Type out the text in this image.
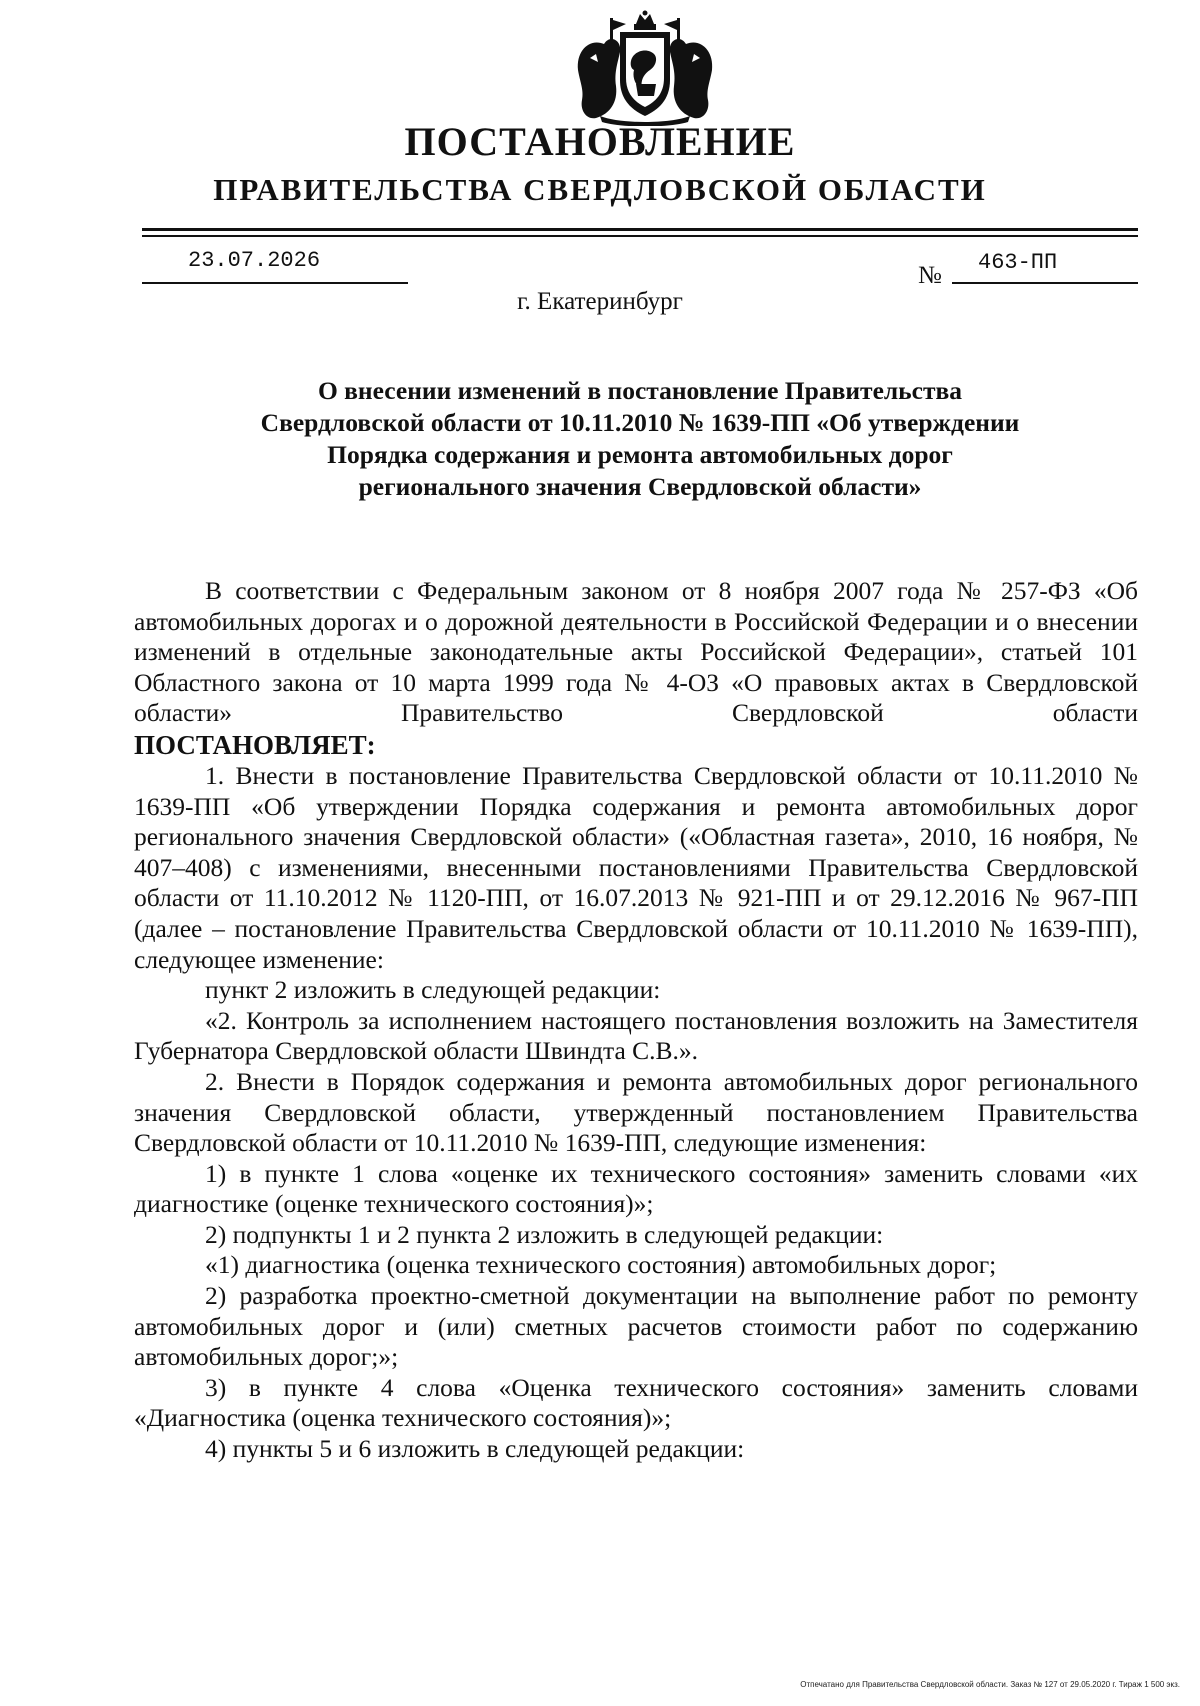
ПОСТАНОВЛЕНИЕ
ПРАВИТЕЛЬСТВА СВЕРДЛОВСКОЙ ОБЛАСТИ
23.07.2026
№ 463-ПП
г. Екатеринбург
О внесении изменений в постановление Правительства
Свердловской области от 10.11.2010 № 1639-ПП «Об утверждении
Порядка содержания и ремонта автомобильных дорог
регионального значения Свердловской области»

В соответствии с Федеральным законом от 8 ноября 2007 года № 257-ФЗ «Об автомобильных дорогах и о дорожной деятельности в Российской Федерации и о внесении изменений в отдельные законодательные акты Российской Федерации», статьей 101 Областного закона от 10 марта 1999 года № 4-ОЗ «О правовых актах в Свердловской области» Правительство Свердловской области

ПОСТАНОВЛЯЕТ:

1. Внести в постановление Правительства Свердловской области от 10.11.2010 № 1639-ПП «Об утверждении Порядка содержания и ремонта автомобильных дорог регионального значения Свердловской области» («Областная газета», 2010, 16 ноября, № 407–408) с изменениями, внесенными постановлениями Правительства Свердловской области от 11.10.2012 № 1120-ПП, от 16.07.2013 № 921-ПП и от 29.12.2016 № 967-ПП (далее – постановление Правительства Свердловской области от 10.11.2010 № 1639-ПП), следующее изменение:

пункт 2 изложить в следующей редакции:

«2. Контроль за исполнением настоящего постановления возложить на Заместителя Губернатора Свердловской области Швиндта С.В.».

2. Внести в Порядок содержания и ремонта автомобильных дорог регионального значения Свердловской области, утвержденный постановлением Правительства Свердловской области от 10.11.2010 № 1639-ПП, следующие изменения:

1) в пункте 1 слова «оценке их технического состояния» заменить словами «их диагностике (оценке технического состояния)»;

2) подпункты 1 и 2 пункта 2 изложить в следующей редакции:

«1) диагностика (оценка технического состояния) автомобильных дорог;

2) разработка проектно-сметной документации на выполнение работ по ремонту автомобильных дорог и (или) сметных расчетов стоимости работ по содержанию автомобильных дорог;»;

3) в пункте 4 слова «Оценка технического состояния» заменить словами «Диагностика (оценка технического состояния)»;

4) пункты 5 и 6 изложить в следующей редакции:

Отпечатано для Правительства Свердловской области. Заказ № 127 от 29.05.2020 г. Тираж 1 500 экз.
